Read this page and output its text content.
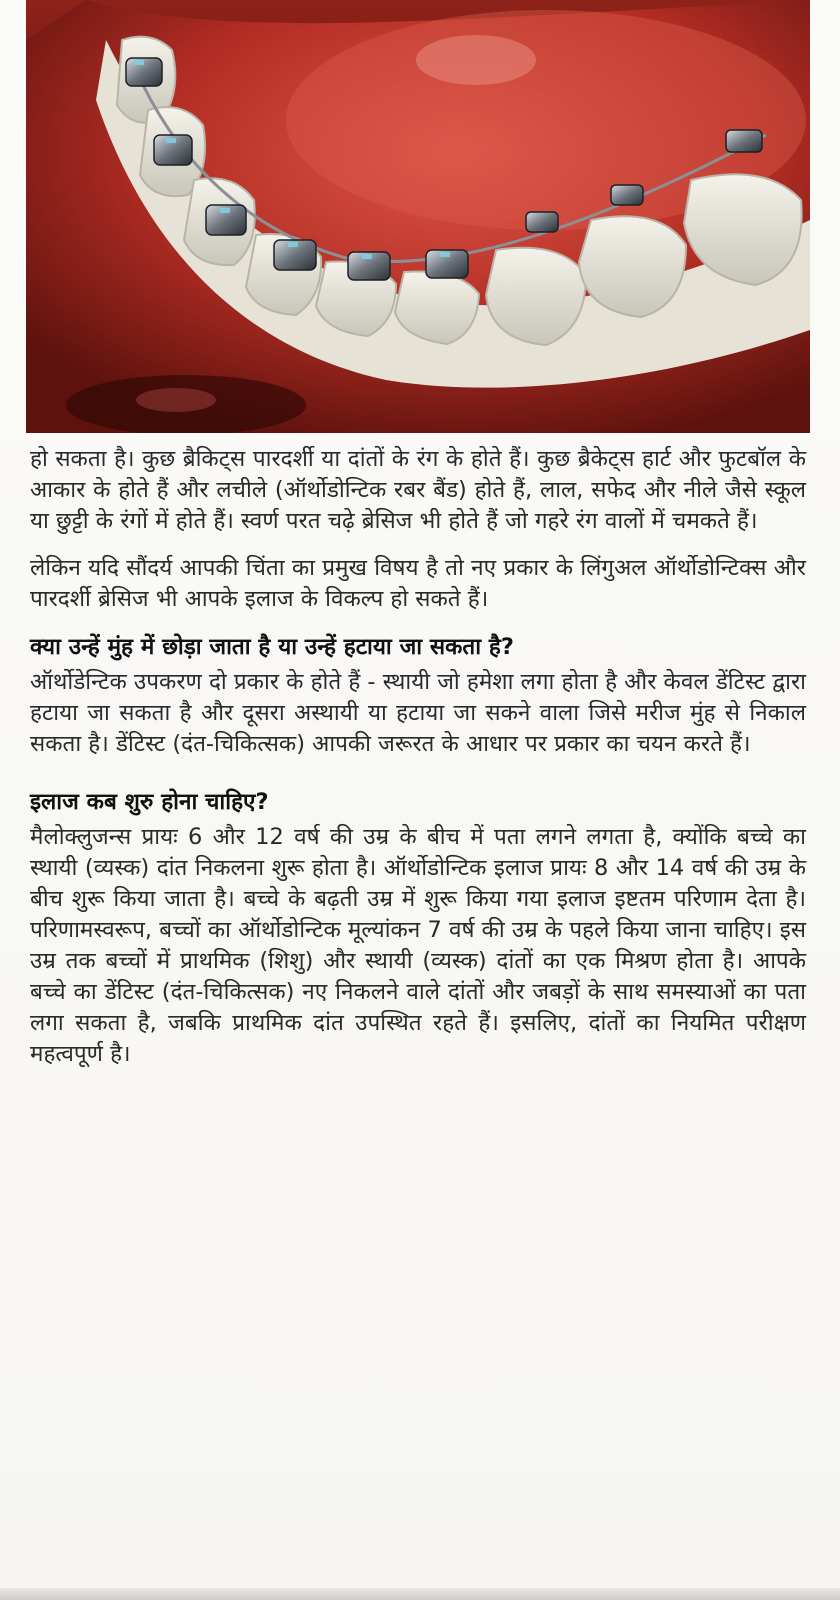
हो सकता है। कुछ ब्रैकिट्स पारदर्शी या दांतों के रंग के होते हैं। कुछ ब्रैकेट्स हार्ट और फुटबॉल के आकार के होते हैं और लचीले (ऑर्थोडोन्टिक रबर बैंड) होते हैं, लाल, सफेद और नीले जैसे स्कूल या छुट्टी के रंगों में होते हैं। स्वर्ण परत चढ़े ब्रेसिज भी होते हैं जो गहरे रंग वालों में चमकते हैं।

लेकिन यदि सौंदर्य आपकी चिंता का प्रमुख विषय है तो नए प्रकार के लिंगुअल ऑर्थोडोन्टिक्स और पारदर्शी ब्रेसिज भी आपके इलाज के विकल्प हो सकते हैं।

क्या उन्हें मुंह में छोड़ा जाता है या उन्हें हटाया जा सकता है?

ऑर्थोडेन्टिक उपकरण दो प्रकार के होते हैं - स्थायी जो हमेशा लगा होता है और केवल डेंटिस्ट द्वारा हटाया जा सकता है और दूसरा अस्थायी या हटाया जा सकने वाला जिसे मरीज मुंह से निकाल सकता है। डेंटिस्ट (दंत-चिकित्सक) आपकी जरूरत के आधार पर प्रकार का चयन करते हैं।

इलाज कब शुरु होना चाहिए?

मैलोक्लुजन्स प्रायः 6 और 12 वर्ष की उम्र के बीच में पता लगने लगता है, क्योंकि बच्चे का स्थायी (व्यस्क) दांत निकलना शुरू होता है। ऑर्थोडोन्टिक इलाज प्रायः 8 और 14 वर्ष की उम्र के बीच शुरू किया जाता है। बच्चे के बढ़ती उम्र में शुरू किया गया इलाज इष्टतम परिणाम देता है। परिणामस्वरूप, बच्चों का ऑर्थोडोन्टिक मूल्यांकन 7 वर्ष की उम्र के पहले किया जाना चाहिए। इस उम्र तक बच्चों में प्राथमिक (शिशु) और स्थायी (व्यस्क) दांतों का एक मिश्रण होता है। आपके बच्चे का डेंटिस्ट (दंत-चिकित्सक) नए निकलने वाले दांतों और जबड़ों के साथ समस्याओं का पता लगा सकता है, जबकि प्राथमिक दांत उपस्थित रहते हैं। इसलिए, दांतों का नियमित परीक्षण महत्वपूर्ण है।
